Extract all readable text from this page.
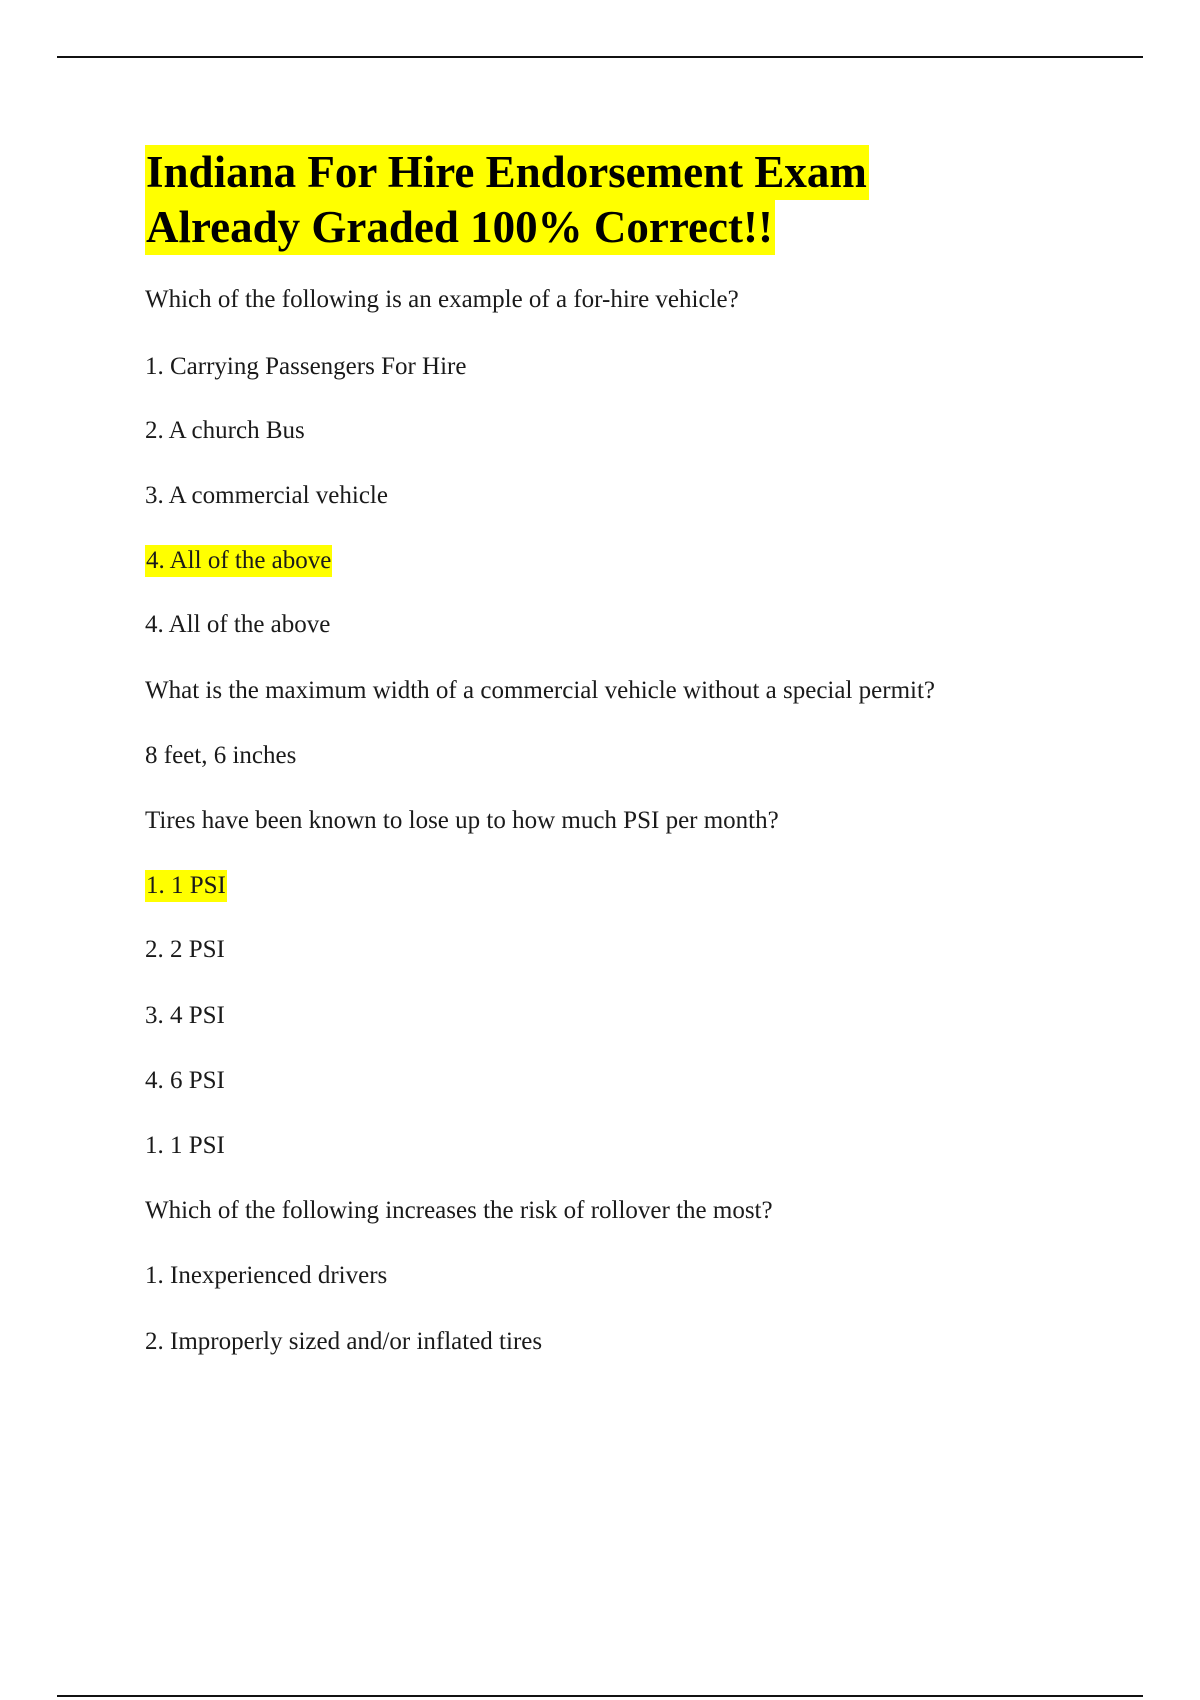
Indiana For Hire Endorsement Exam
Already Graded 100% Correct!!

Which of the following is an example of a for-hire vehicle?

1. Carrying Passengers For Hire

2. A church Bus

3. A commercial vehicle

4. All of the above

4. All of the above

What is the maximum width of a commercial vehicle without a special permit?

8 feet, 6 inches

Tires have been known to lose up to how much PSI per month?

1. 1 PSI

2. 2 PSI

3. 4 PSI

4. 6 PSI

1. 1 PSI

Which of the following increases the risk of rollover the most?

1. Inexperienced drivers

2. Improperly sized and/or inflated tires
